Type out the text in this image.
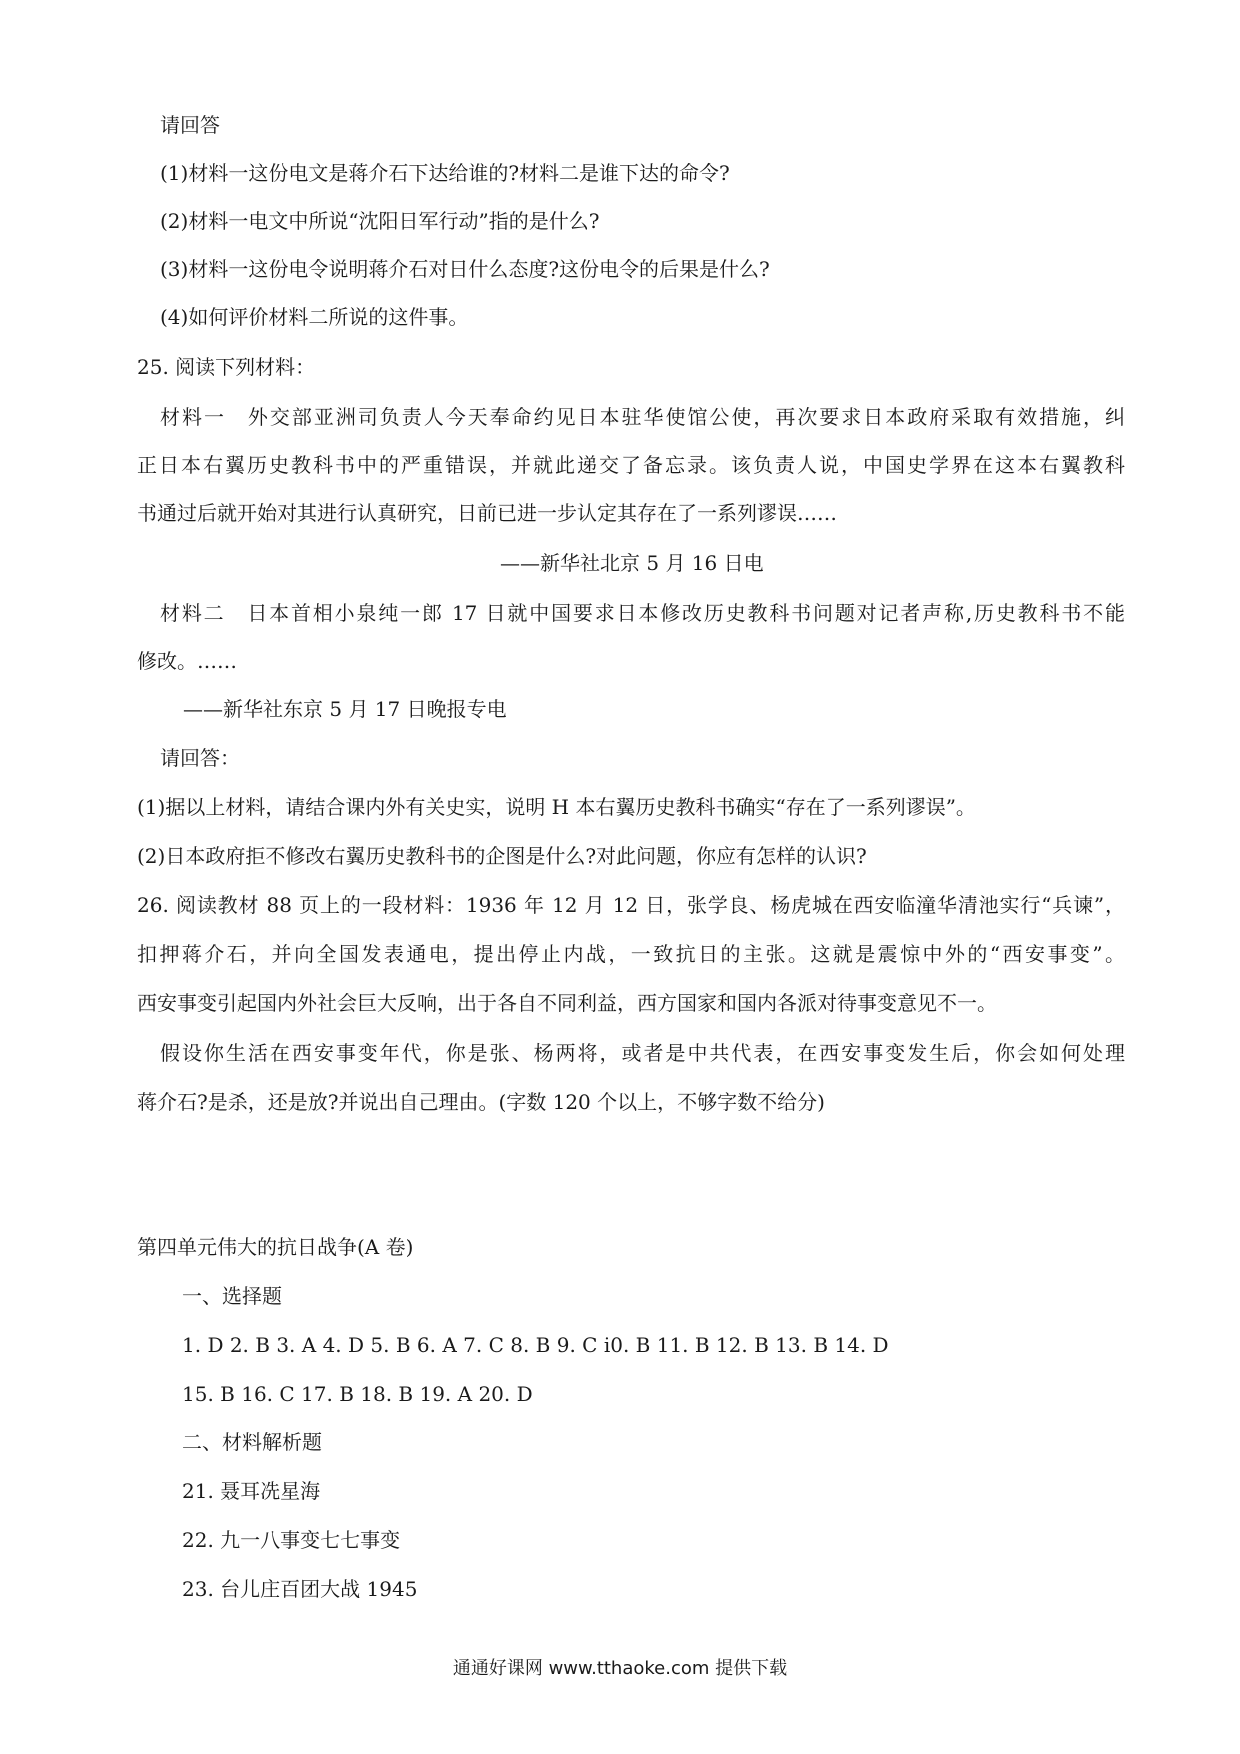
请回答
(1)材料一这份电文是蒋介石下达给谁的?材料二是谁下达的命令?
(2)材料一电文中所说“沈阳日军行动”指的是什么?
(3)材料一这份电令说明蒋介石对日什么态度?这份电令的后果是什么?
(4)如何评价材料二所说的这件事。
25. 阅读下列材料：
材料一　外交部亚洲司负责人今天奉命约见日本驻华使馆公使，再次要求日本政府采取有效措施，纠
正日本右翼历史教科书中的严重错误，并就此递交了备忘录。该负责人说，中国史学界在这本右翼教科
书通过后就开始对其进行认真研究，日前已进一步认定其存在了一系列谬误……
——新华社北京 5 月 16 日电
材料二　日本首相小泉纯一郎 17 日就中国要求日本修改历史教科书问题对记者声称,历史教科书不能
修改。……
——新华社东京 5 月 17 日晚报专电
请回答：
(1)据以上材料，请结合课内外有关史实，说明 H 本右翼历史教科书确实“存在了一系列谬误”。
(2)日本政府拒不修改右翼历史教科书的企图是什么?对此问题，你应有怎样的认识?
26. 阅读教材 88 页上的一段材料：1936 年 12 月 12 日，张学良、杨虎城在西安临潼华清池实行“兵谏”，
扣押蒋介石，并向全国发表通电，提出停止内战，一致抗日的主张。这就是震惊中外的“西安事变”。
西安事变引起国内外社会巨大反响，出于各自不同利益，西方国家和国内各派对待事变意见不一。
假设你生活在西安事变年代，你是张、杨两将，或者是中共代表，在西安事变发生后，你会如何处理
蒋介石?是杀，还是放?并说出自己理由。(字数 120 个以上，不够字数不给分)
第四单元伟大的抗日战争(A 卷)
一、选择题
1. D 2. B 3. A 4. D 5. B 6. A 7. C 8. B 9. C i0. B 11. B 12. B 13. B 14. D
15. B 16. C 17. B 18. B 19. A 20. D
二、材料解析题
21. 聂耳冼星海
22. 九一八事变七七事变
23. 台儿庄百团大战 1945
通通好课网 www.tthaoke.com 提供下载
